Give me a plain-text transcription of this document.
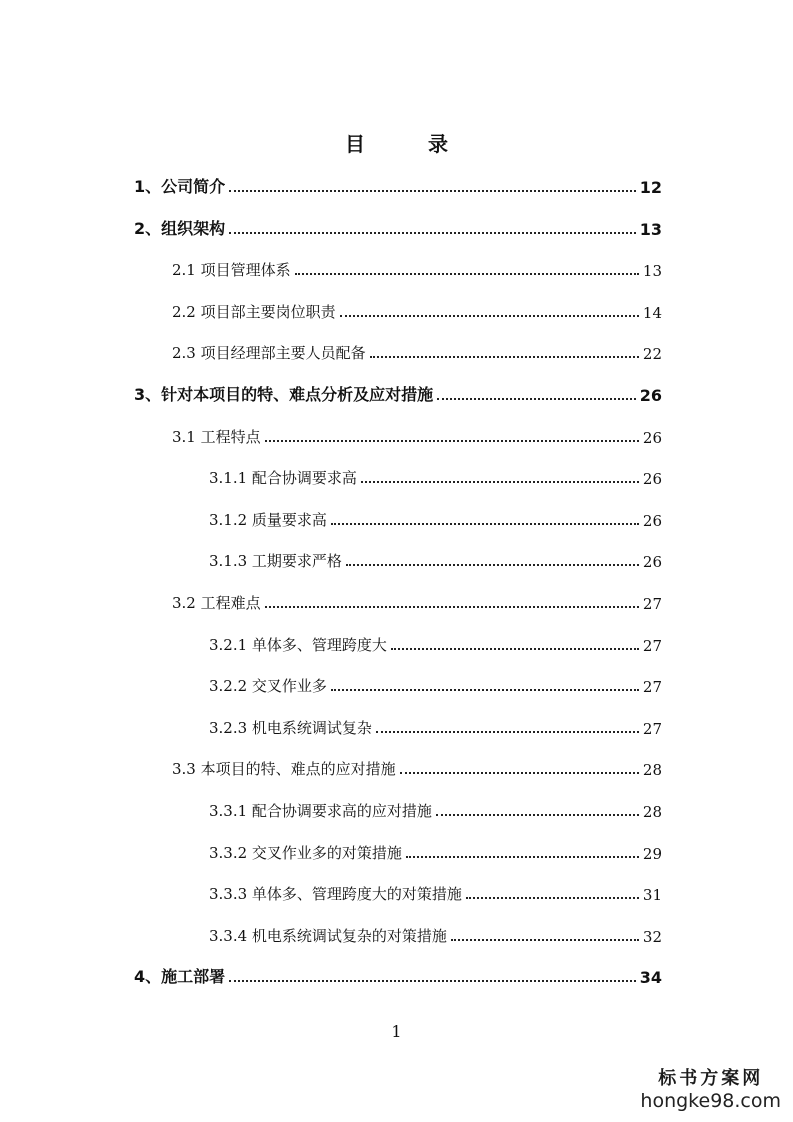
目 录
1、公司简介	12
2、组织架构	13
2.1 项目管理体系	13
2.2 项目部主要岗位职责	14
2.3 项目经理部主要人员配备	22
3、针对本项目的特、难点分析及应对措施	26
3.1 工程特点	26
3.1.1 配合协调要求高	26
3.1.2 质量要求高	26
3.1.3 工期要求严格	26
3.2 工程难点	27
3.2.1 单体多、管理跨度大	27
3.2.2 交叉作业多	27
3.2.3 机电系统调试复杂	27
3.3 本项目的特、难点的应对措施	28
3.3.1 配合协调要求高的应对措施	28
3.3.2 交叉作业多的对策措施	29
3.3.3 单体多、管理跨度大的对策措施	31
3.3.4 机电系统调试复杂的对策措施	32
4、施工部署	34
1
标书方案网
hongke98.com
